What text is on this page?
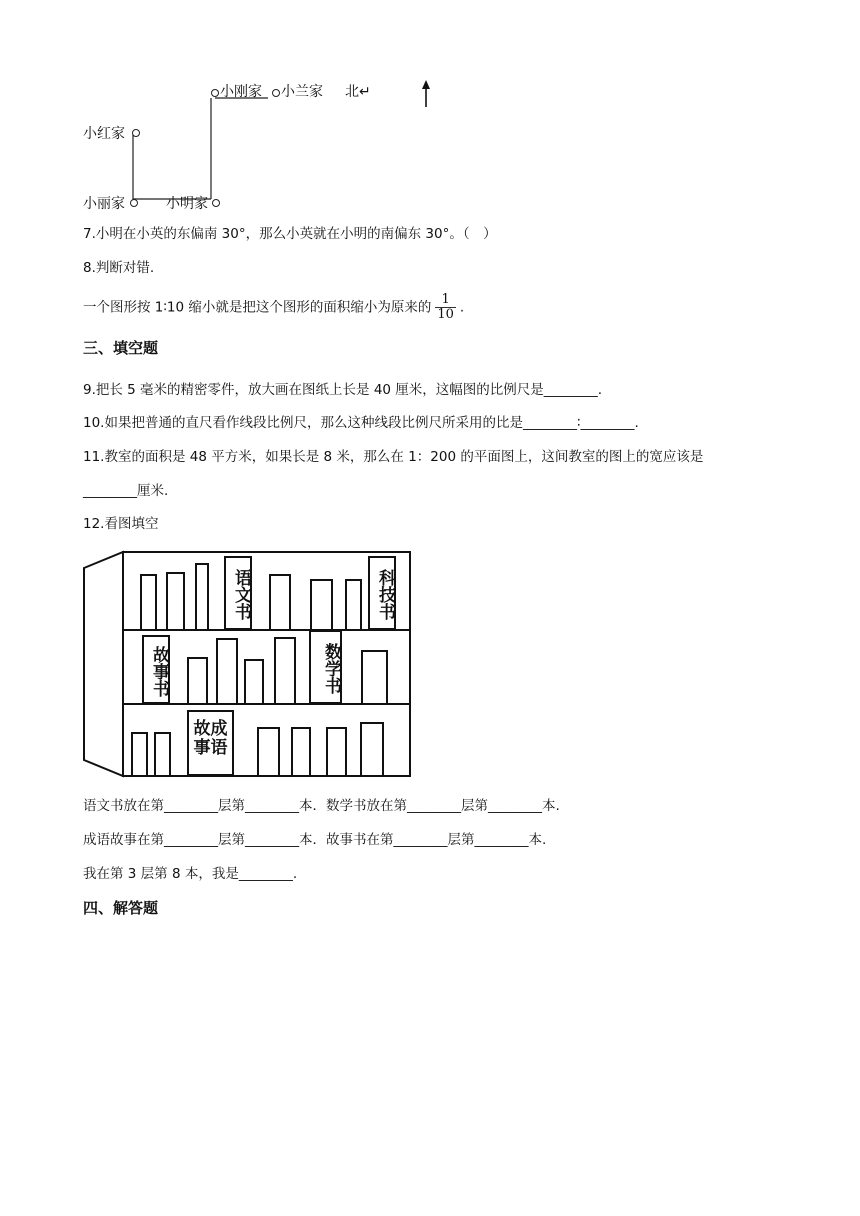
小刚家 小兰家 北↵
小红家
小丽家	小明家
7.小明在小英的东偏南 30°，那么小英就在小明的南偏东 30°。（　）
8.判断对错.
一个图形按 1∶10 缩小就是把这个图形的面积缩小为原来的 $\frac{1}{10}$ .
三、填空题
9.把长 5 毫米的精密零件，放大画在图纸上长是 40 厘米，这幅图的比例尺是________.
10.如果把普通的直尺看作线段比例尺，那么这种线段比例尺所采用的比是________∶________.
11.教室的面积是 48 平方米，如果长是 8 米，那么在 1：200 的平面图上，这间教室的图上的宽应该是
________厘米.
12.看图填空
语文书	科技书
故事书	数学书
故成
事语
语文书放在第________层第________本．数学书放在第________层第________本.
成语故事在第________层第________本．故事书在第________层第________本.
我在第 3 层第 8 本，我是________.
四、解答题
